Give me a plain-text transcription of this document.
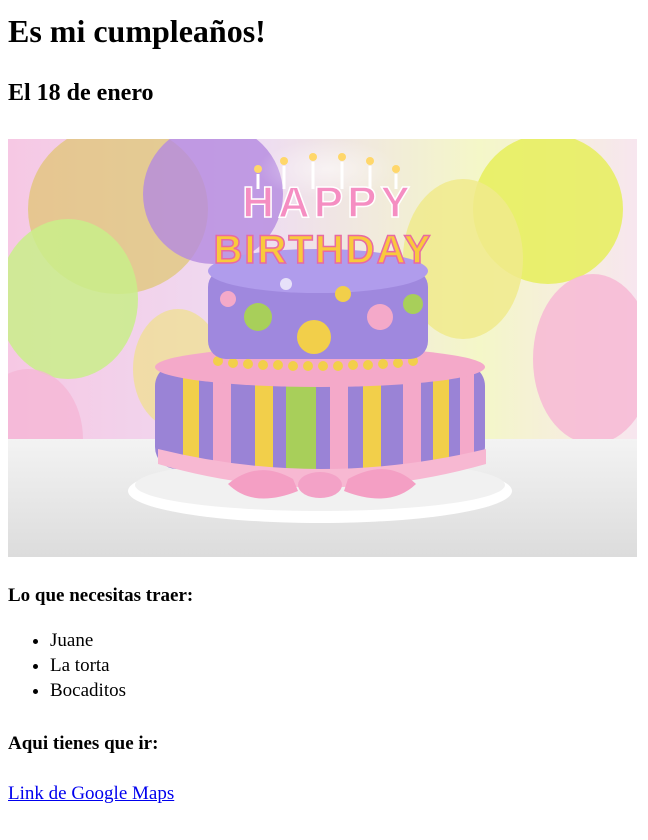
Es mi cumpleaños!
El 18 de enero
HAPPY
BIRTHDAY
Lo que necesitas traer:
• Juane
• La torta
• Bocaditos
Aqui tienes que ir:
Link de Google Maps
